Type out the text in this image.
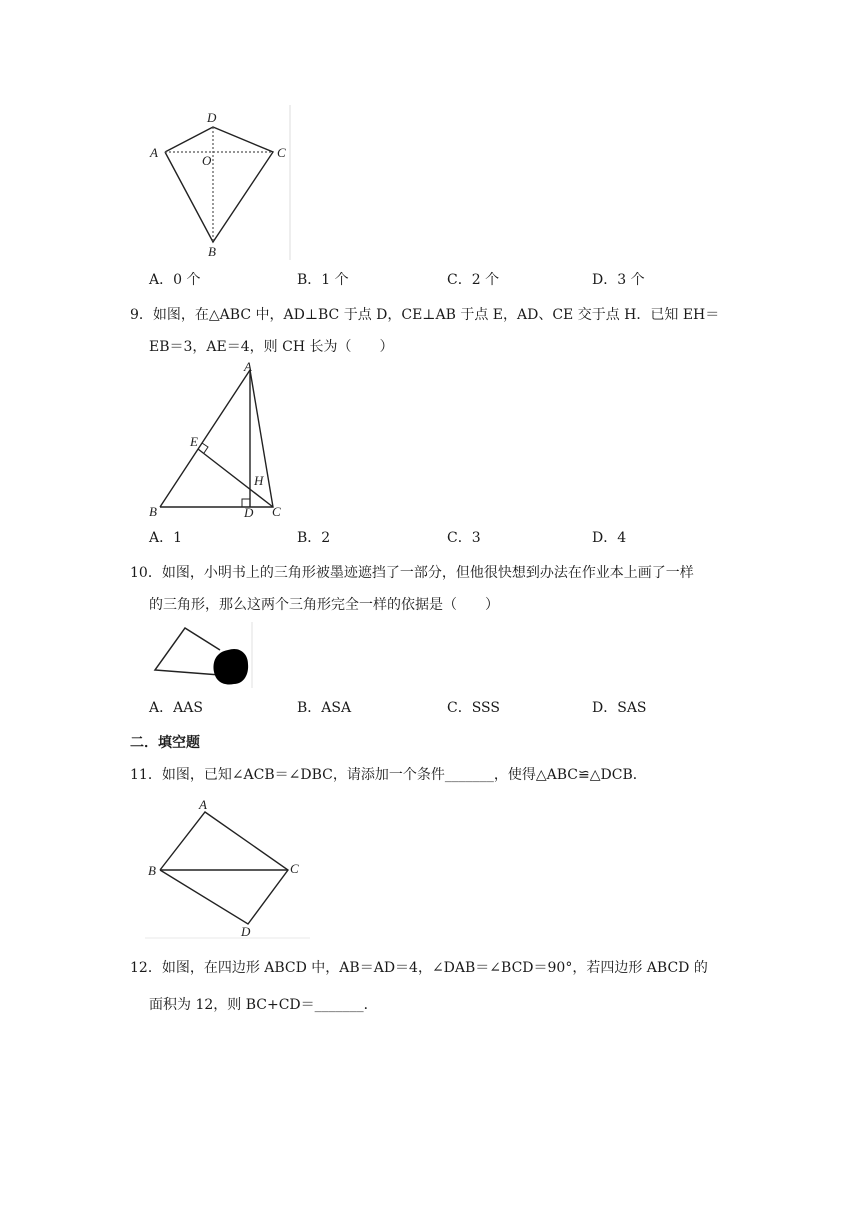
D
A	C
O
B
A．0 个	B．1 个	C．2 个	D．3 个
9．如图，在△ABC 中，AD⊥BC 于点 D，CE⊥AB 于点 E，AD、CE 交于点 H．已知 EH＝
EB＝3，AE＝4，则 CH 长为（　　）
A
E
H
B	D C
A．1	B．2	C．3	D．4
10．如图，小明书上的三角形被墨迹遮挡了一部分，但他很快想到办法在作业本上画了一样
的三角形，那么这两个三角形完全一样的依据是（　　）
A．AAS	B．ASA	C．SSS	D．SAS
二．填空题
11．如图，已知∠ACB＝∠DBC，请添加一个条件_______，使得△ABC≌△DCB．
A
B	C
D
12．如图，在四边形 ABCD 中，AB＝AD＝4，∠DAB＝∠BCD＝90°，若四边形 ABCD 的
面积为 12，则 BC+CD＝_______．
